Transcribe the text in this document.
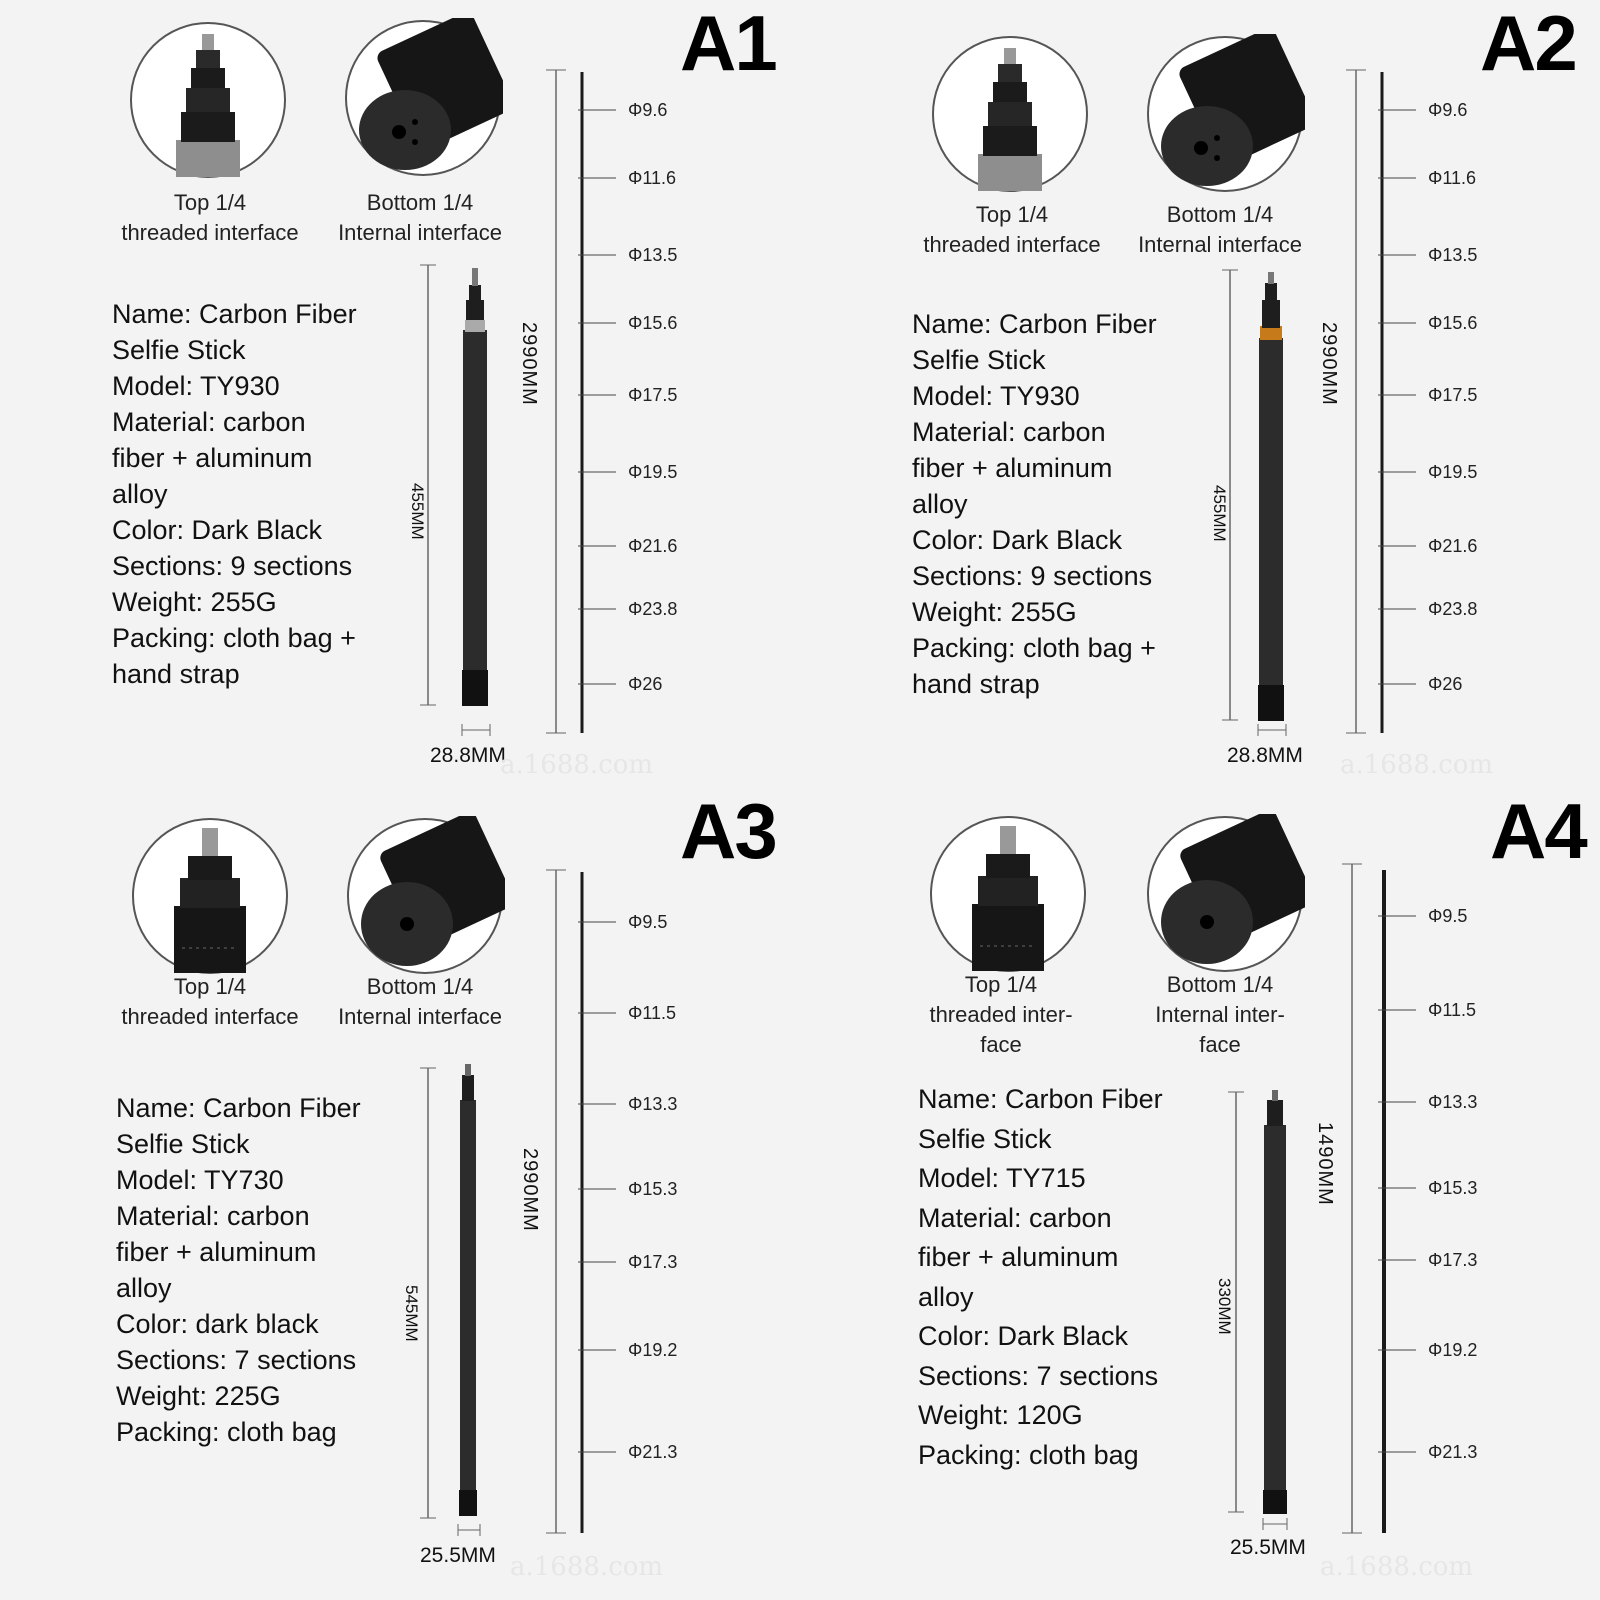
A1
Top 1/4
threaded interface
Bottom 1/4
Internal interface
Name: Carbon Fiber
Selfie Stick
Model: TY930
Material: carbon
fiber + aluminum
alloy
Color: Dark Black
Sections: 9 sections
Weight: 255G
Packing: cloth bag +
hand strap
2990MM
455MM
28.8MM
Φ9.6
Φ11.6
Φ13.5
Φ15.6
Φ17.5
Φ19.5
Φ21.6
Φ23.8
Φ26
a.1688.com
A2
Top 1/4
threaded interface
Bottom 1/4
Internal interface
Name: Carbon Fiber
Selfie Stick
Model: TY930
Material: carbon
fiber + aluminum
alloy
Color: Dark Black
Sections: 9 sections
Weight: 255G
Packing: cloth bag +
hand strap
2990MM
455MM
28.8MM
Φ9.6
Φ11.6
Φ13.5
Φ15.6
Φ17.5
Φ19.5
Φ21.6
Φ23.8
Φ26
a.1688.com
A3
Top 1/4
threaded interface
Bottom 1/4
Internal interface
Name: Carbon Fiber
Selfie Stick
Model: TY730
Material: carbon
fiber + aluminum
alloy
Color: dark black
Sections: 7 sections
Weight: 225G
Packing: cloth bag
2990MM
545MM
25.5MM
Φ9.5
Φ11.5
Φ13.3
Φ15.3
Φ17.3
Φ19.2
Φ21.3
a.1688.com
A4
Top 1/4
threaded inter-
face
Bottom 1/4
Internal inter-
face
Name: Carbon Fiber
Selfie Stick
Model: TY715
Material: carbon
fiber + aluminum
alloy
Color: Dark Black
Sections: 7 sections
Weight: 120G
Packing: cloth bag
1490MM
330MM
25.5MM
Φ9.5
Φ11.5
Φ13.3
Φ15.3
Φ17.3
Φ19.2
Φ21.3
a.1688.com
